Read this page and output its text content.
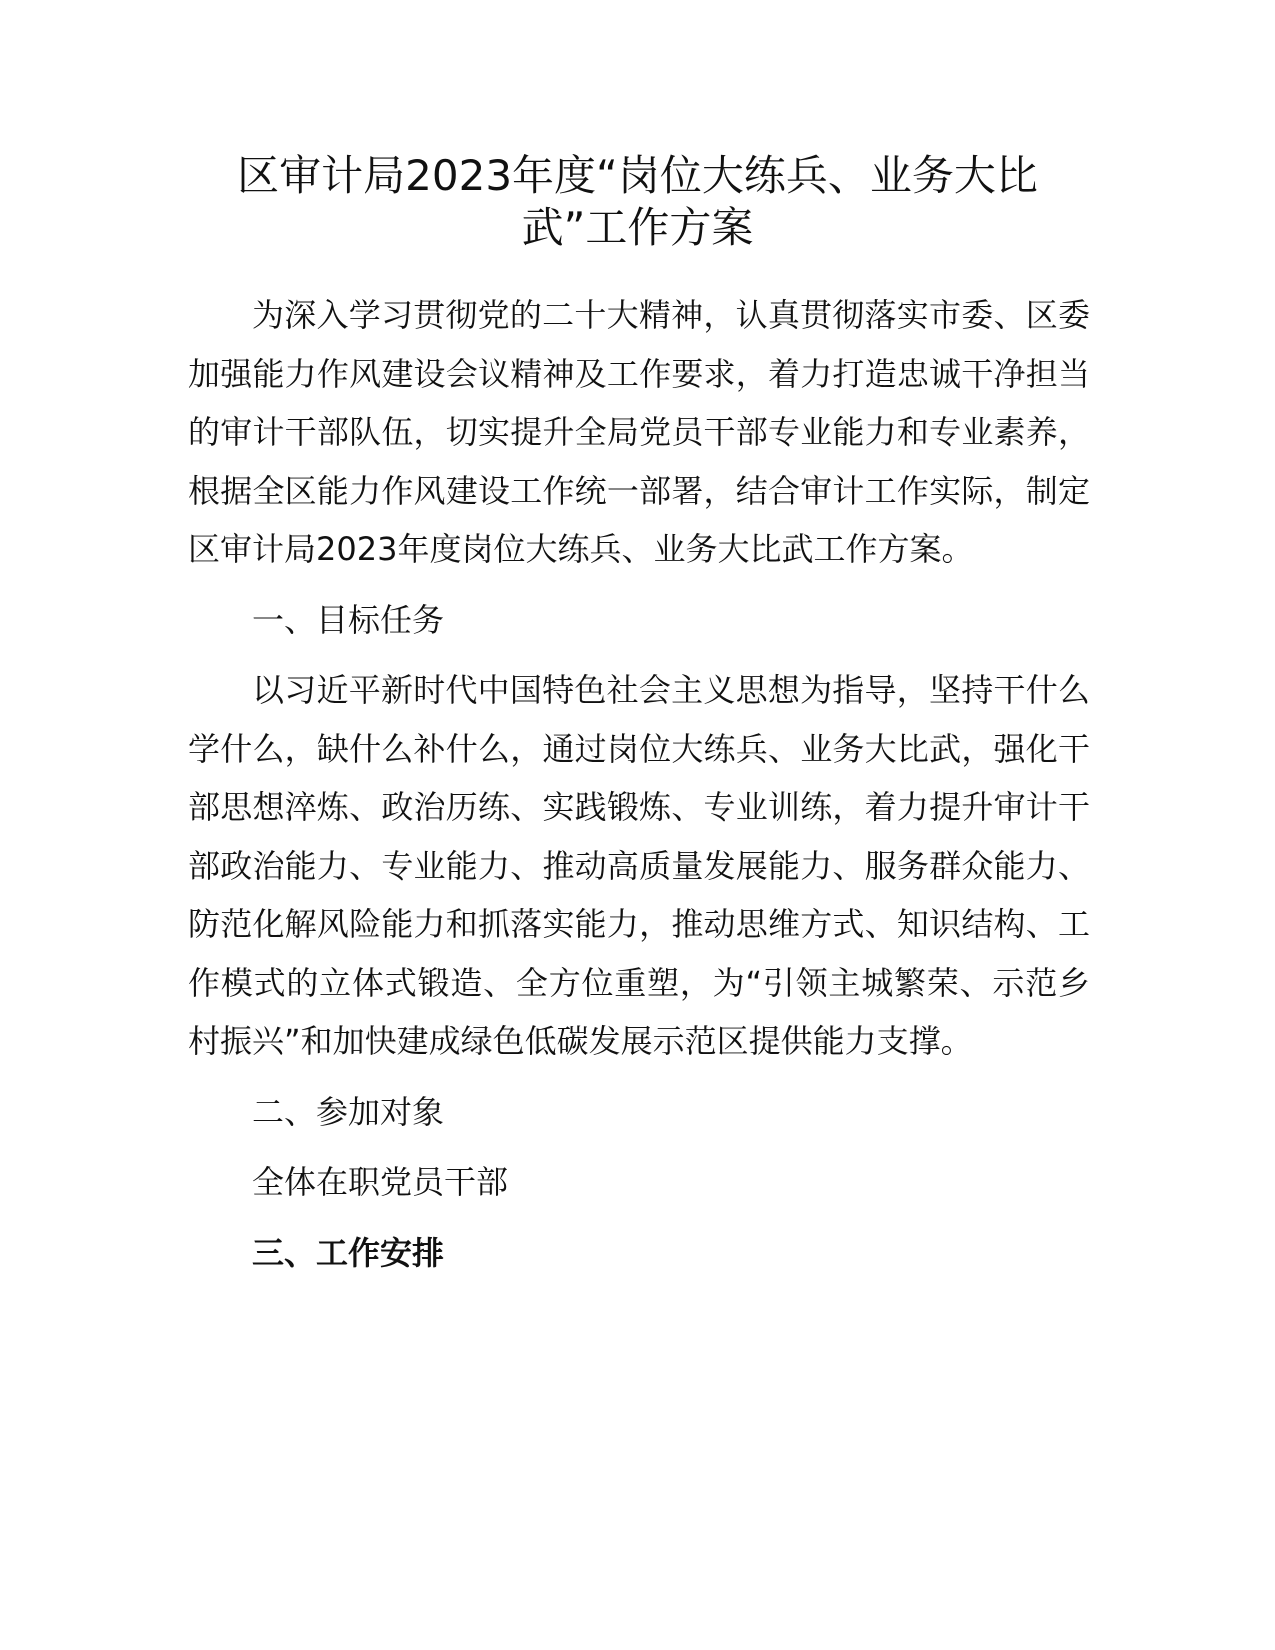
区审计局2023年度“岗位大练兵、业务大比武”工作方案

为深入学习贯彻党的二十大精神，认真贯彻落实市委、区委加强能力作风建设会议精神及工作要求，着力打造忠诚干净担当的审计干部队伍，切实提升全局党员干部专业能力和专业素养，根据全区能力作风建设工作统一部署，结合审计工作实际，制定区审计局2023年度岗位大练兵、业务大比武工作方案。

一、目标任务

以习近平新时代中国特色社会主义思想为指导，坚持干什么学什么，缺什么补什么，通过岗位大练兵、业务大比武，强化干部思想淬炼、政治历练、实践锻炼、专业训练，着力提升审计干部政治能力、专业能力、推动高质量发展能力、服务群众能力、防范化解风险能力和抓落实能力，推动思维方式、知识结构、工作模式的立体式锻造、全方位重塑，为“引领主城繁荣、示范乡村振兴”和加快建成绿色低碳发展示范区提供能力支撑。

二、参加对象

全体在职党员干部

三、工作安排
